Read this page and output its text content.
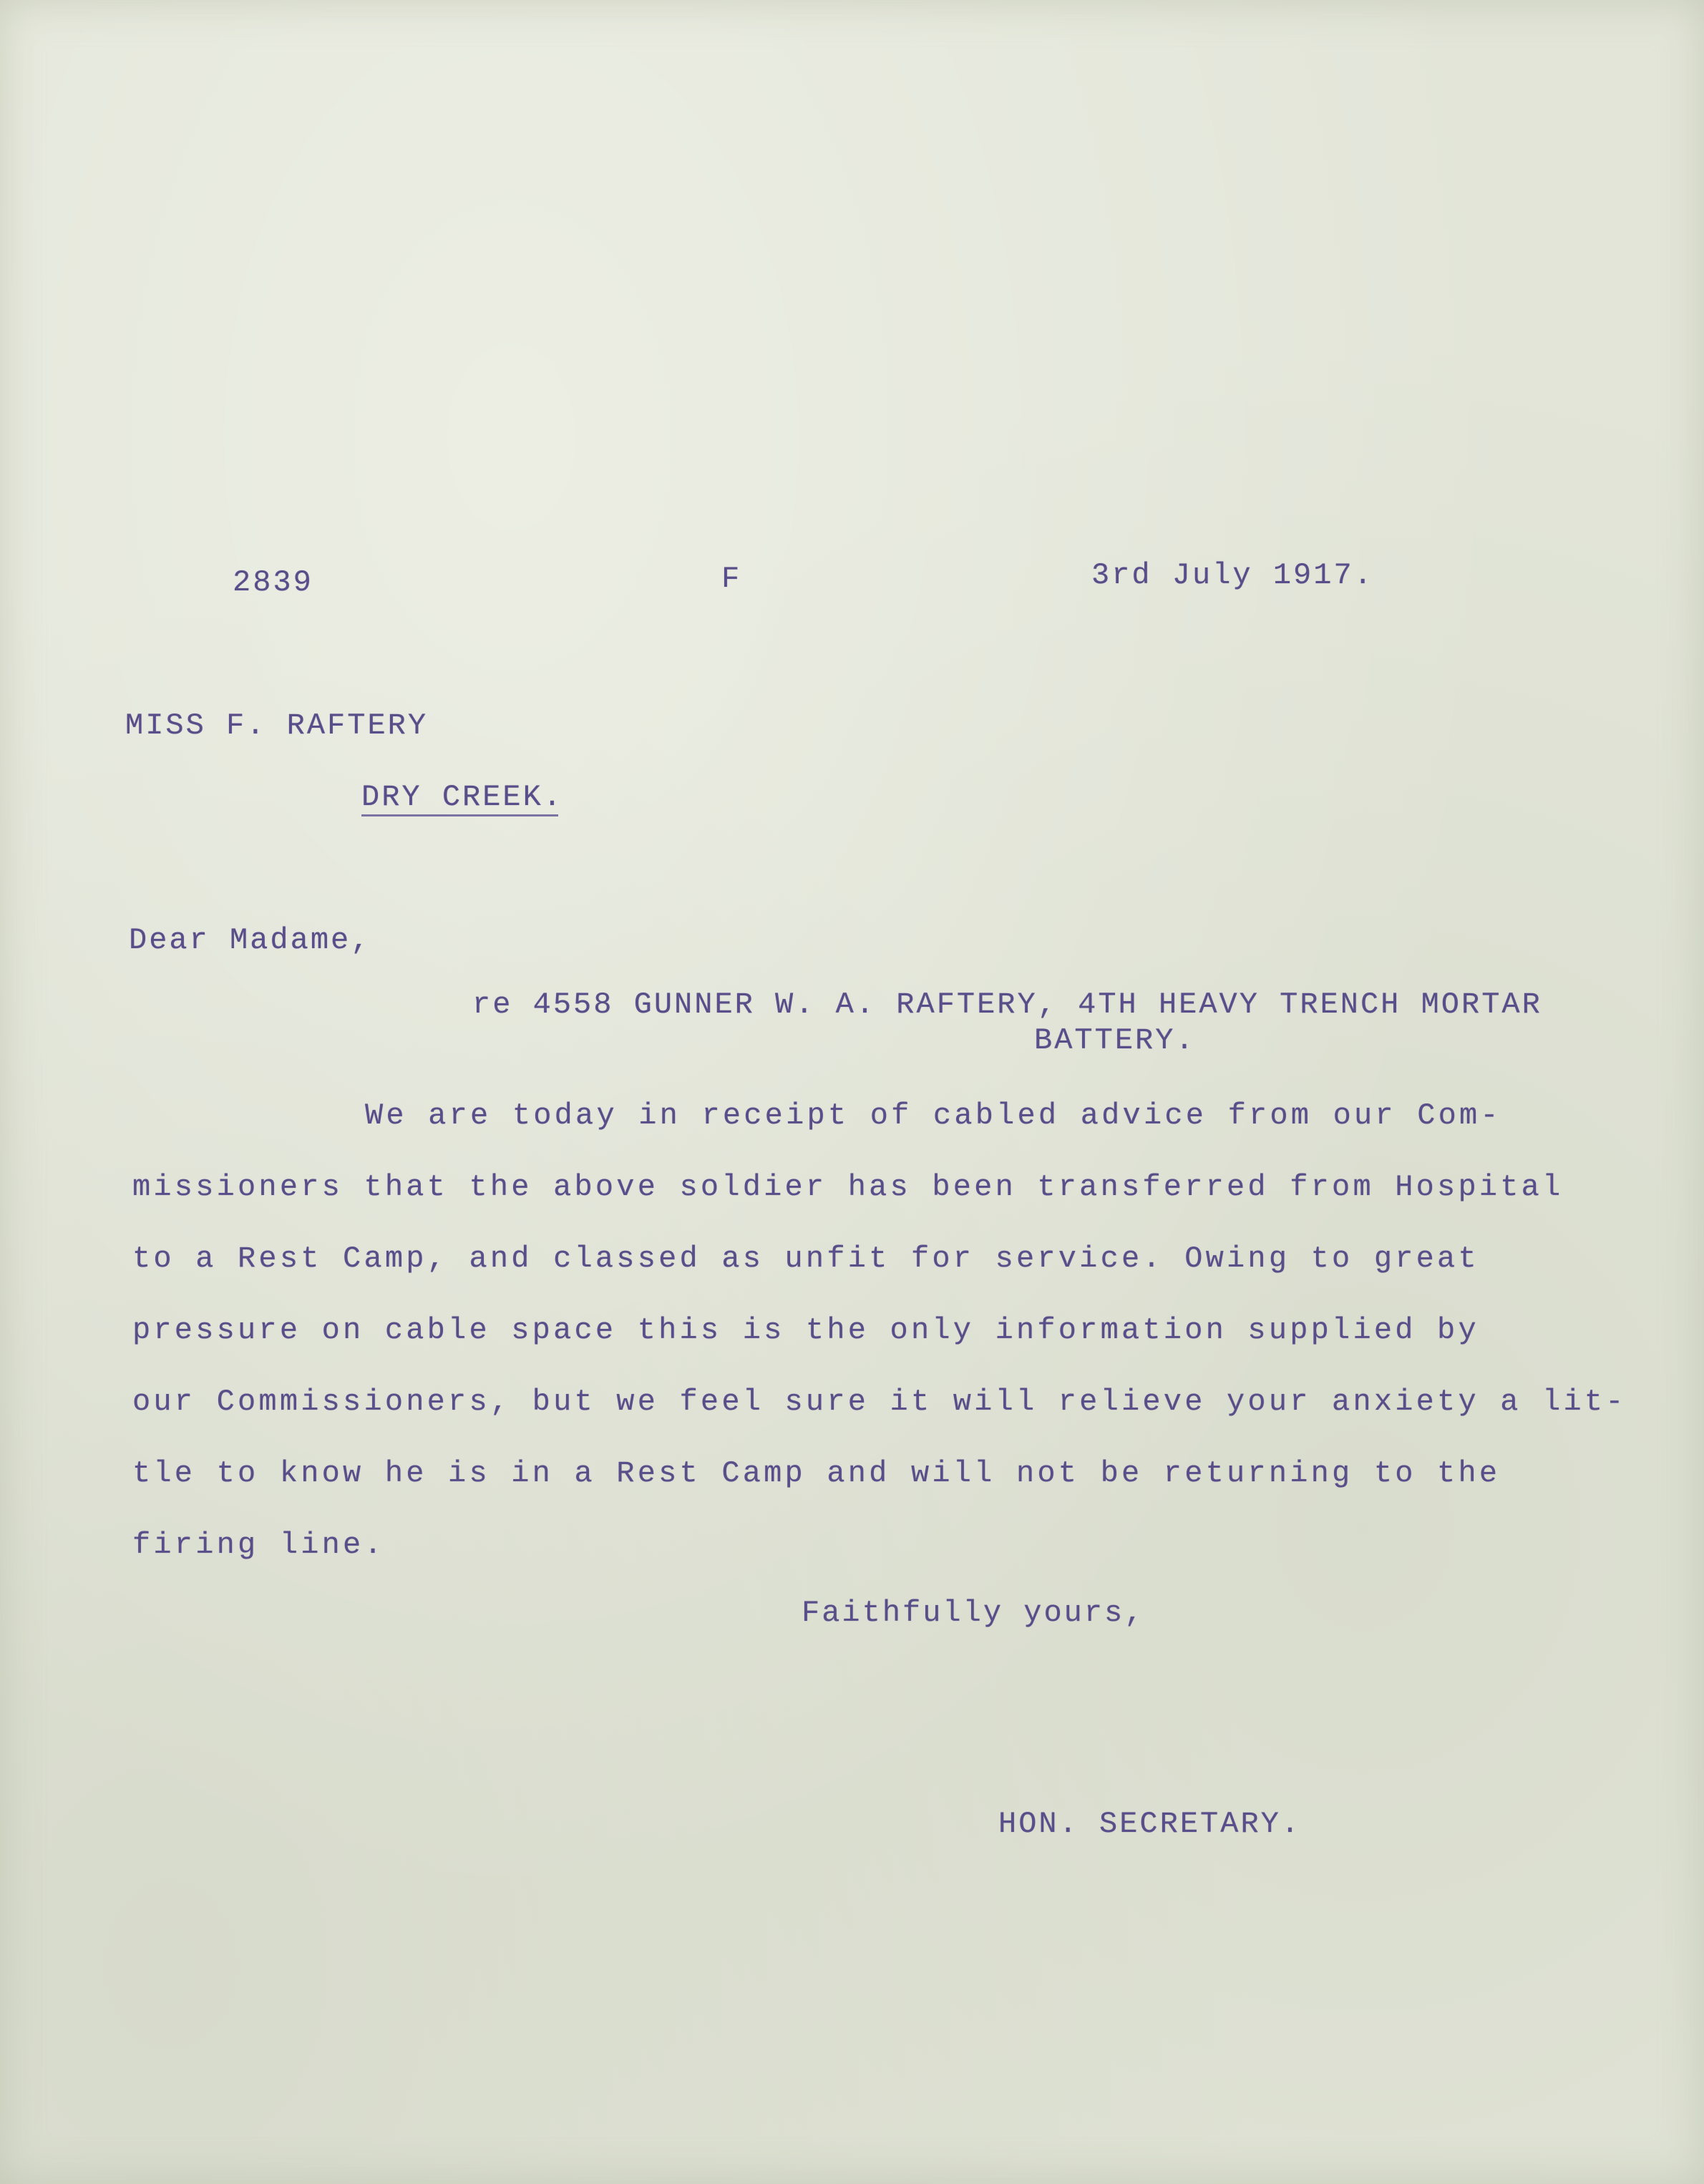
2839	F	3rd July 1917.
MISS F. RAFTERY
DRY CREEK.
Dear Madame,
re 4558 GUNNER W. A. RAFTERY, 4TH HEAVY TRENCH MORTAR
BATTERY.
We are today in receipt of cabled advice from our Com-
missioners that the above soldier has been transferred from Hospital
to a Rest Camp, and classed as unfit for service. Owing to great
pressure on cable space this is the only information supplied by
our Commissioners, but we feel sure it will relieve your anxiety a lit-
tle to know he is in a Rest Camp and will not be returning to the
firing line.
Faithfully yours,
HON. SECRETARY.
